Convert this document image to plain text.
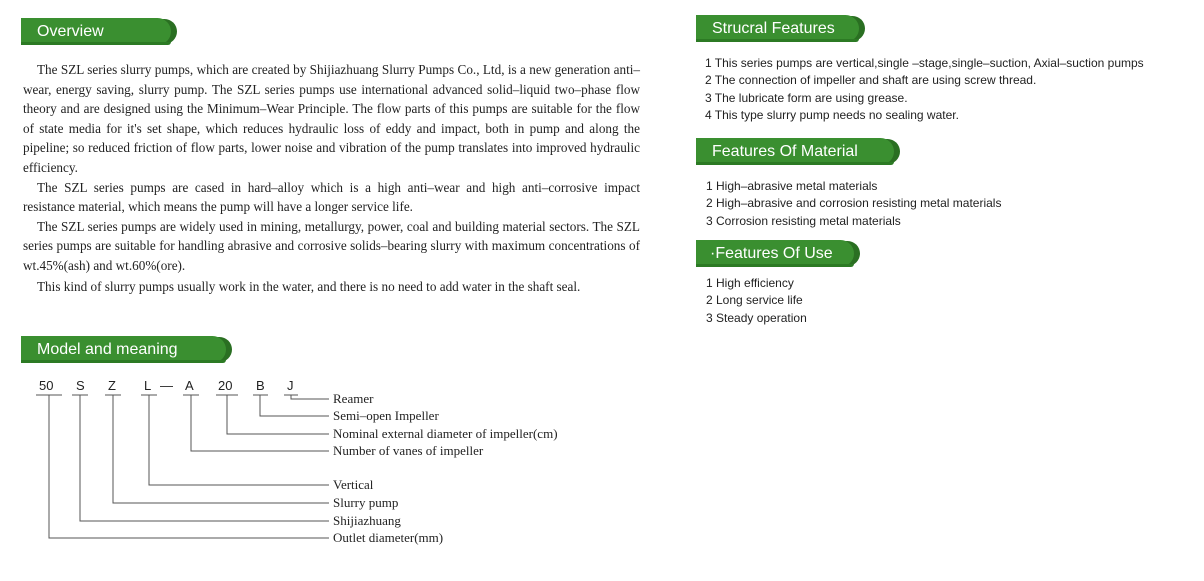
Overview

The SZL series slurry pumps, which are created by Shijiazhuang Slurry Pumps Co., Ltd, is a new generation anti–wear, energy saving, slurry pump. The SZL series pumps use international advanced solid–liquid two–phase flow theory and are designed using the Minimum–Wear Principle. The flow parts of this pumps are suitable for the flow of state media for it's set shape, which reduces hydraulic loss of eddy and impact, both in pump and along the pipeline; so reduced friction of flow parts, lower noise and vibration of the pump translates into improved hydraulic efficiency.

The SZL series pumps are cased in hard–alloy which is a high anti–wear and high anti–corrosive impact resistance material, which means the pump will have a longer service life.

The SZL series pumps are widely used in mining, metallurgy, power, coal and building material sectors. The SZL series pumps are suitable for handling abrasive and corrosive solids–bearing slurry with maximum concentrations of wt.45%(ash) and wt.60%(ore).

This kind of slurry pumps usually work in the water, and there is no need to add water in the shaft seal.

Model and meaning
50 S Z L — A 20 B J
Reamer
Semi–open Impeller
Nominal external diameter of impeller(cm)
Number of vanes of impeller
Vertical
Slurry pump
Shijiazhuang
Outlet diameter(mm)
Strucral Features
1 This series pumps are vertical,single –stage,single–suction, Axial–suction pumps
2 The connection of impeller and shaft are using screw thread.
3 The lubricate form are using grease.
4 This type slurry pump needs no sealing water.
Features Of Material
1 High–abrasive metal materials
2 High–abrasive and corrosion resisting metal materials
3 Corrosion resisting metal materials
·Features Of Use
1 High efficiency
2 Long service life
3 Steady operation
